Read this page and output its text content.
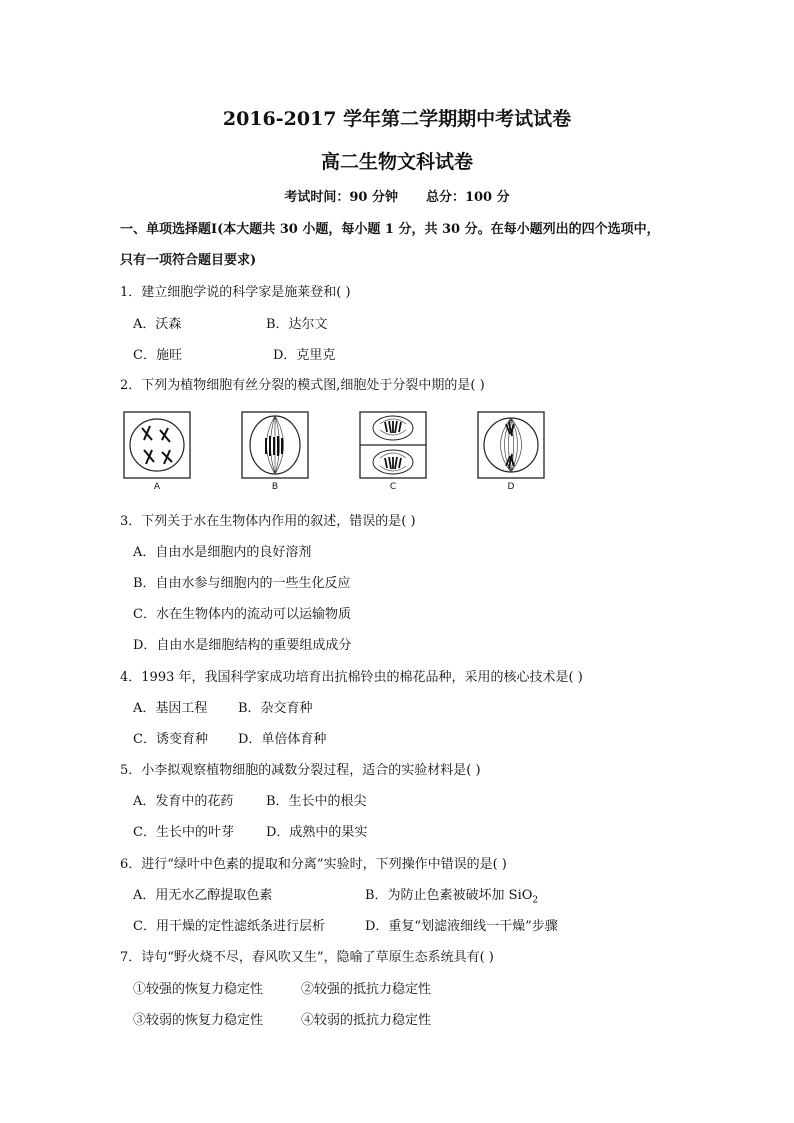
2016-2017 学年第二学期期中考试试卷
高二生物文科试卷
考试时间：90 分钟 总分：100 分
一、单项选择题Ⅰ(本大题共 30 小题，每小题 1 分，共 30 分。在每小题列出的四个选项中，
只有一项符合题目要求)
1．建立细胞学说的科学家是施莱登和( )
A．沃森	B．达尔文
C．施旺	D．克里克
2．下列为植物细胞有丝分裂的模式图,细胞处于分裂中期的是( )
A	B	C	D
3．下列关于水在生物体内作用的叙述，错误的是( )
A．自由水是细胞内的良好溶剂
B．自由水参与细胞内的一些生化反应
C．水在生物体内的流动可以运输物质
D．自由水是细胞结构的重要组成成分
4．1993 年，我国科学家成功培育出抗棉铃虫的棉花品种，采用的核心技术是( )
A．基因工程 B．杂交育种
C．诱变育种 D．单倍体育种
5．小李拟观察植物细胞的减数分裂过程，适合的实验材料是( )
A．发育中的花药	B．生长中的根尖
C．生长中的叶芽 D．成熟中的果实
6．进行“绿叶中色素的提取和分离”实验时，下列操作中错误的是( )
A．用无水乙醇提取色素	B．为防止色素被破坏加 SiO$_2$
C．用干燥的定性滤纸条进行层析	D．重复“划滤液细线一干燥”步骤
7．诗句“野火烧不尽，春风吹又生”，隐喻了草原生态系统具有( )
①较强的恢复力稳定性	②较强的抵抗力稳定性
③较弱的恢复力稳定性	④较弱的抵抗力稳定性
